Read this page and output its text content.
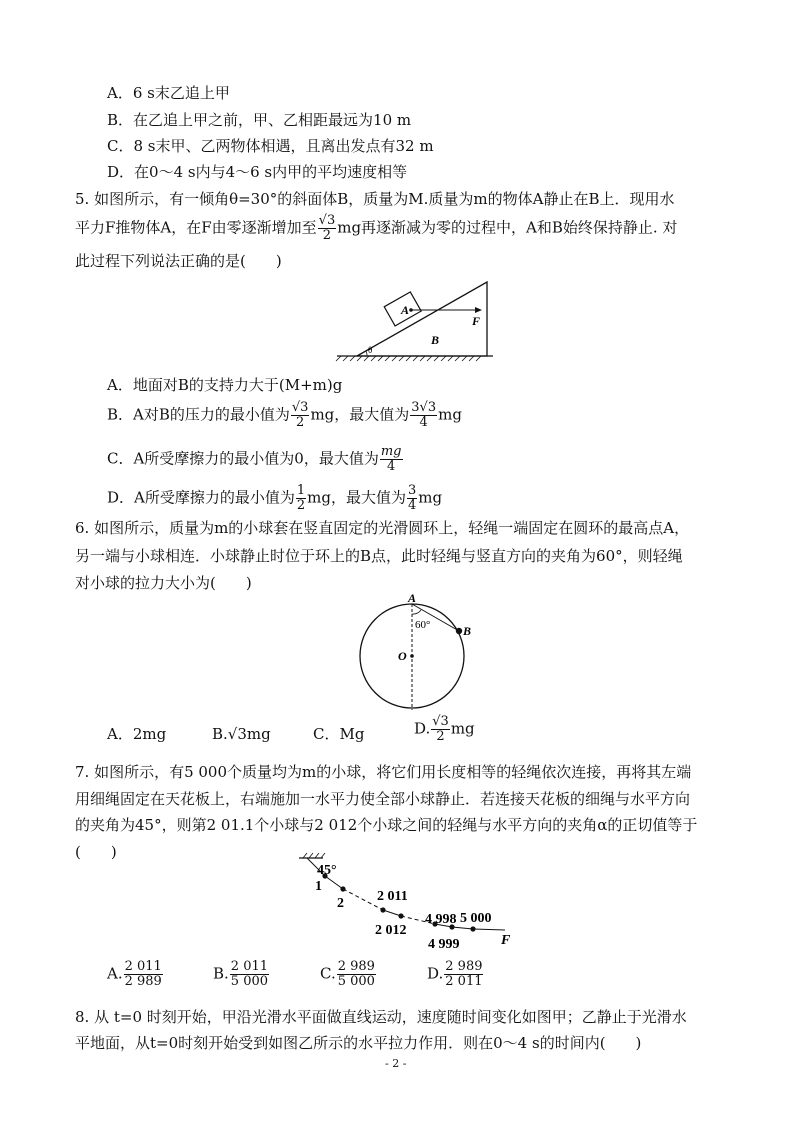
A．6 s末乙追上甲
B．在乙追上甲之前，甲、乙相距最远为10 m
C．8 s末甲、乙两物体相遇，且离出发点有32 m
D．在0～4 s内与4～6 s内甲的平均速度相等
5. 如图所示，有一倾角θ=30°的斜面体B，质量为M.质量为m的物体A静止在B上．现用水
平力F推物体A，在F由零逐渐增加至 $\frac{√3}{2}$ mg再逐渐减为零的过程中，A和B始终保持静止. 对
此过程下列说法正确的是(　　)
A
F
B
θ
A．地面对B的支持力大于(M+m)g
B．A对B的压力的最小值为 $\frac{√3}{2}$ mg，最大值为 $\frac{3√3}{4}$ mg
C．A所受摩擦力的最小值为0，最大值为 $\frac{mg}{4}$
D．A所受摩擦力的最小值为 $\frac{1}{2}$ mg，最大值为 $\frac{3}{4}$ mg
6. 如图所示，质量为m的小球套在竖直固定的光滑圆环上，轻绳一端固定在圆环的最高点A，
另一端与小球相连．小球静止时位于环上的B点，此时轻绳与竖直方向的夹角为60°，则轻绳
对小球的拉力大小为(　　)
A
B
O
60°
A．2mg	B.√3mg	C．Mg	D. $\frac{√3}{2}$ mg
7. 如图所示，有5 000个质量均为m的小球，将它们用长度相等的轻绳依次连接，再将其左端
用细绳固定在天花板上，右端施加一水平力使全部小球静止．若连接天花板的细绳与水平方向
的夹角为45°，则第2 01.1个小球与2 012个小球之间的轻绳与水平方向的夹角α的正切值等于
(　　)
45°
1
2 2 011
2 012
4 998
4 999
5 000
F
A. $\frac{2 011}{2 989}$	B. $\frac{2 011}{5 000}$	C. $\frac{2 989}{5 000}$	D. $\frac{2 989}{2 011}$
8. 从 t=0 时刻开始，甲沿光滑水平面做直线运动，速度随时间变化如图甲；乙静止于光滑水
平地面，从t=0时刻开始受到如图乙所示的水平拉力作用．则在0～4 s的时间内(　　)
- 2 -
